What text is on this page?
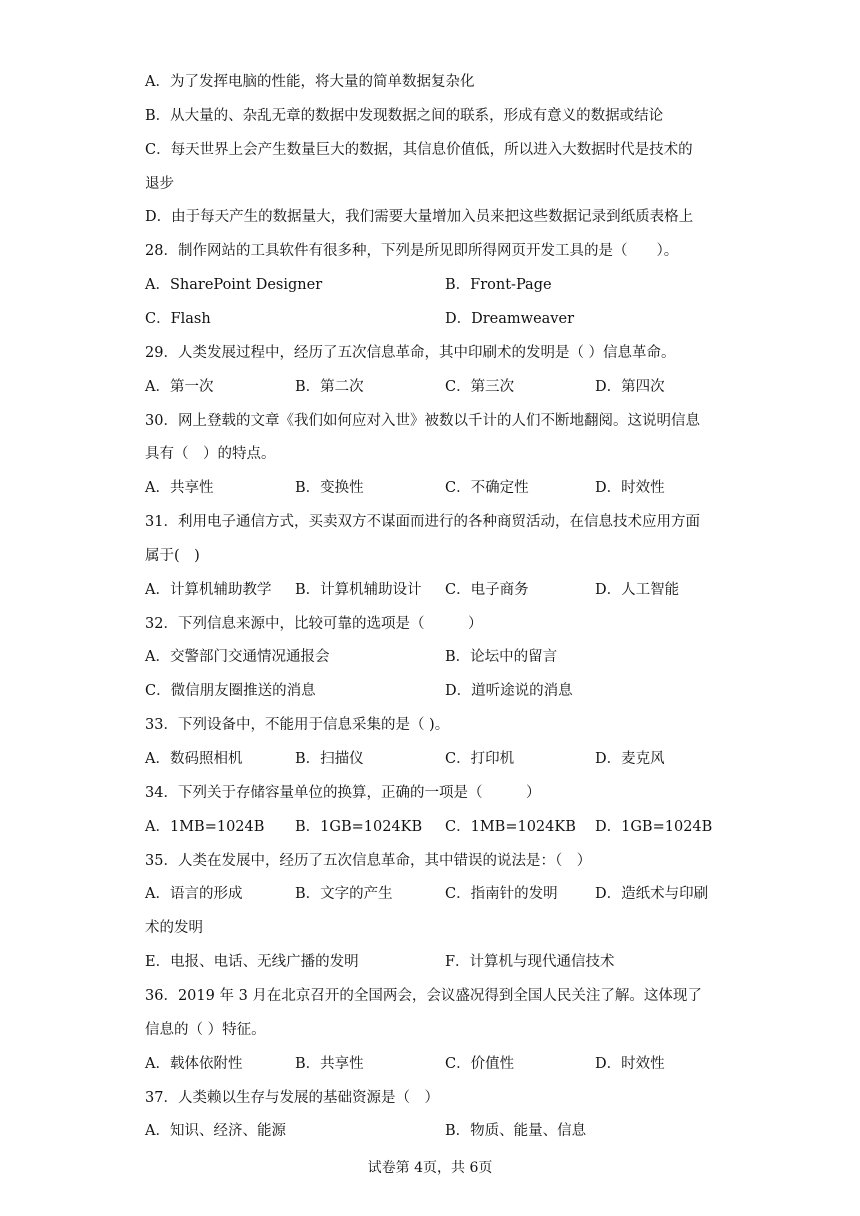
A．为了发挥电脑的性能，将大量的简单数据复杂化
B．从大量的、杂乱无章的数据中发现数据之间的联系，形成有意义的数据或结论
C．每天世界上会产生数量巨大的数据，其信息价值低，所以进入大数据时代是技术的
退步
D．由于每天产生的数据量大，我们需要大量增加入员来把这些数据记录到纸质表格上
28．制作网站的工具软件有很多种，下列是所见即所得网页开发工具的是（　　）。
A．SharePoint Designer	B．Front-Page
C．Flash	D．Dreamweaver
29．人类发展过程中，经历了五次信息革命，其中印刷术的发明是（ ）信息革命。
A．第一次	B．第二次	C．第三次	D．第四次
30．网上登载的文章《我们如何应对入世》被数以千计的人们不断地翻阅。这说明信息
具有（　）的特点。
A．共享性	B．变换性	C．不确定性	D．时效性
31．利用电子通信方式，买卖双方不谋面而进行的各种商贸活动，在信息技术应用方面
属于(　)
A．计算机辅助教学 B．计算机辅助设计 C．电子商务	D．人工智能
32．下列信息来源中，比较可靠的选项是（　　　）
A．交警部门交通情况通报会	B．论坛中的留言
C．微信朋友圈推送的消息	D．道听途说的消息
33．下列设备中，不能用于信息采集的是（ )。
A．数码照相机	B．扫描仪	C．打印机	D．麦克风
34．下列关于存储容量单位的换算，正确的一项是（　　　）
A．1MB=1024B B．1GB=1024KB C．1MB=1024KB D．1GB=1024B
35．人类在发展中，经历了五次信息革命，其中错误的说法是：（　）
A．语言的形成	B．文字的产生	C．指南针的发明	D．造纸术与印刷
术的发明
E．电报、电话、无线广播的发明	F．计算机与现代通信技术
36．2019 年 3 月在北京召开的全国两会，会议盛况得到全国人民关注了解。这体现了
信息的（ ）特征。
A．载体依附性	B．共享性	C．价值性	D．时效性
37．人类赖以生存与发展的基础资源是（　）
A．知识、经济、能源	B．物质、能量、信息
试卷第 4页，共 6页
